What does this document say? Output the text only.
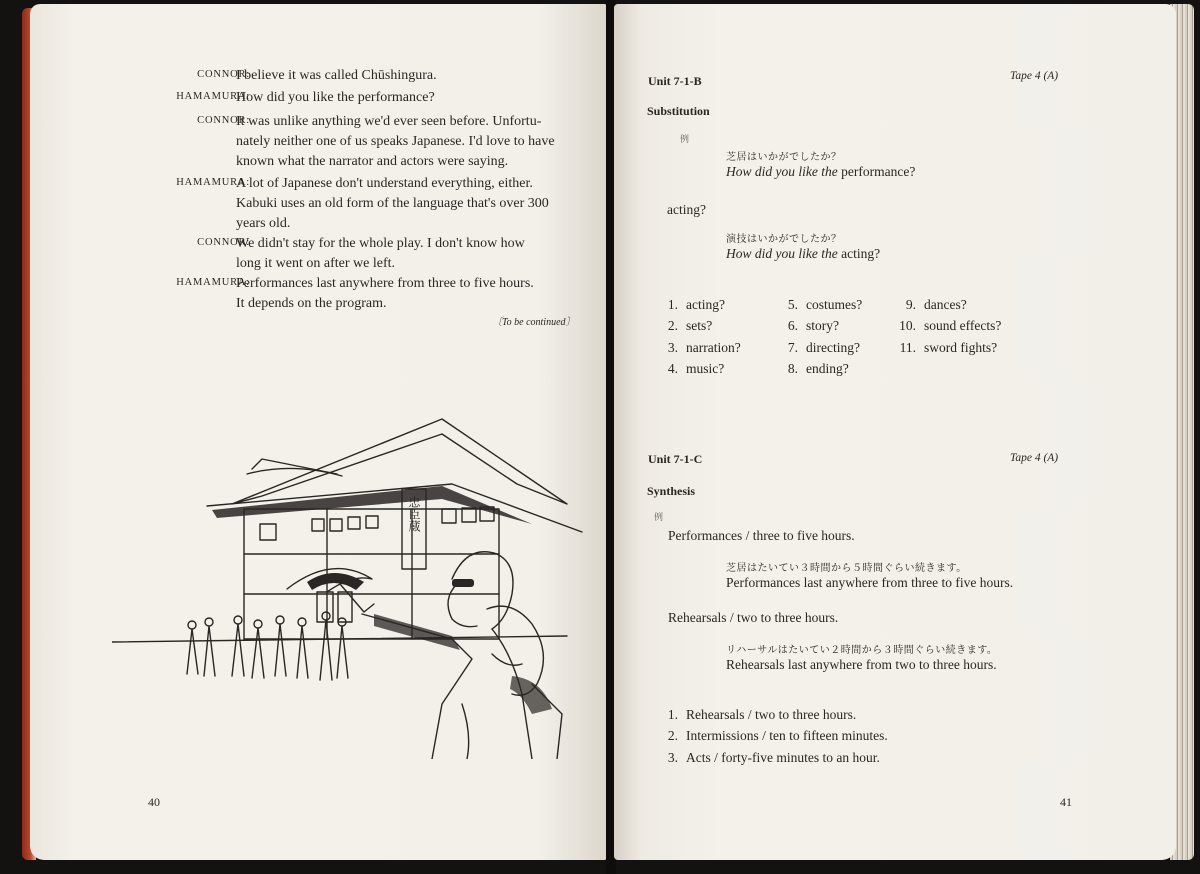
CONNOR:
I believe it was called Chūshingura.
HAMAMURA:
How did you like the performance?
CONNOR:
It was unlike anything we'd ever seen before. Unfortu-
nately neither one of us speaks Japanese. I'd love to have
known what the narrator and actors were saying.
HAMAMURA:
A lot of Japanese don't understand everything, either.
Kabuki uses an old form of the language that's over 300
years old.
CONNOR:
We didn't stay for the whole play. I don't know how
long it went on after we left.
HAMAMURA:
Performances last anywhere from three to five hours.
It depends on the program.
〔To be continued〕
忠臣蔵
40
Unit 7-1-B	Tape 4 (A)
Substitution
例
芝居はいかがでしたか？
How did you like the performance?
acting?
演技はいかがでしたか？
How did you like the acting?
1. acting?
2. sets?
3. narration?
4. music?
5. costumes?
6. story?
7. directing?
8. ending?
9. dances?
10. sound effects?
11. sword fights?
Unit 7-1-C	Tape 4 (A)
Synthesis
例
Performances / three to five hours.
芝居はたいてい３時間から５時間ぐらい続きます。
Performances last anywhere from three to five hours.
Rehearsals / two to three hours.
リハーサルはたいてい２時間から３時間ぐらい続きます。
Rehearsals last anywhere from two to three hours.
1. Rehearsals / two to three hours.
2. Intermissions / ten to fifteen minutes.
3. Acts / forty-five minutes to an hour.
41
